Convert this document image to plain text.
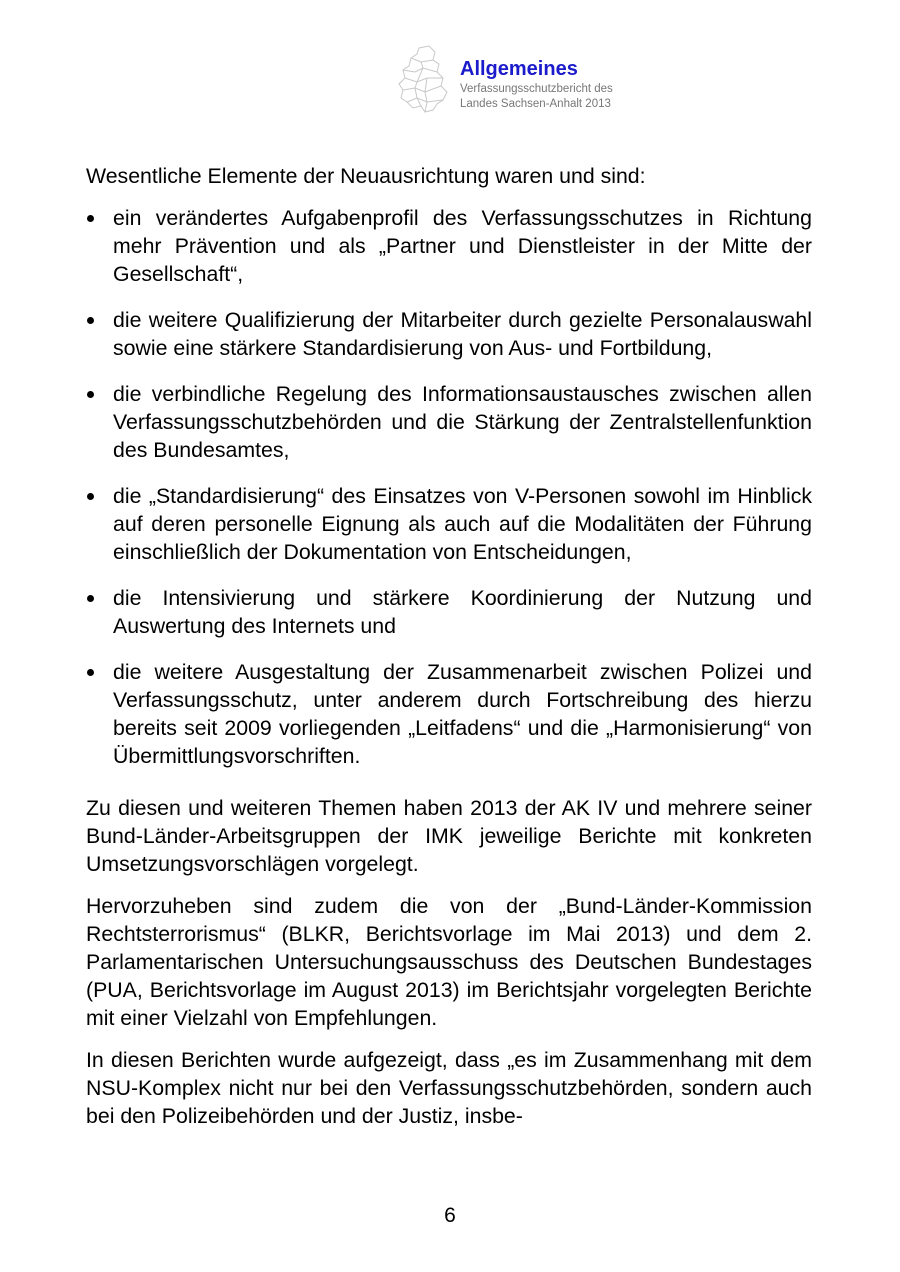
Allgemeines
Verfassungsschutzbericht des
Landes Sachsen-Anhalt 2013

Wesentliche Elemente der Neuausrichtung waren und sind:

ein verändertes Aufgabenprofil des Verfassungsschutzes in Richtung mehr Prävention und als „Partner und Dienstleister in der Mitte der Gesellschaft“,
die weitere Qualifizierung der Mitarbeiter durch gezielte Personalauswahl sowie eine stärkere Standardisierung von Aus- und Fortbildung,
die verbindliche Regelung des Informationsaustausches zwischen allen Verfassungsschutzbehörden und die Stärkung der Zentralstellenfunktion des Bundesamtes,
die „Standardisierung“ des Einsatzes von V-Personen sowohl im Hinblick auf deren personelle Eignung als auch auf die Modalitäten der Führung einschließlich der Dokumentation von Entscheidungen,
die Intensivierung und stärkere Koordinierung der Nutzung und Auswertung des Internets und
die weitere Ausgestaltung der Zusammenarbeit zwischen Polizei und Verfassungsschutz, unter anderem durch Fortschreibung des hierzu bereits seit 2009 vorliegenden „Leitfadens“ und die „Harmonisierung“ von Übermittlungsvorschriften.

Zu diesen und weiteren Themen haben 2013 der AK IV und mehrere seiner Bund-Länder-Arbeitsgruppen der IMK jeweilige Berichte mit konkreten Umsetzungsvorschlägen vorgelegt.

Hervorzuheben sind zudem die von der „Bund-Länder-Kommission Rechtsterrorismus“ (BLKR, Berichtsvorlage im Mai 2013) und dem 2. Parlamentarischen Untersuchungsausschuss des Deutschen Bundestages (PUA, Berichtsvorlage im August 2013) im Berichtsjahr vorgelegten Berichte mit einer Vielzahl von Empfehlungen.

In diesen Berichten wurde aufgezeigt, dass „es im Zusammenhang mit dem NSU-Komplex nicht nur bei den Verfassungsschutzbehörden, sondern auch bei den Polizeibehörden und der Justiz, insbe-

6
